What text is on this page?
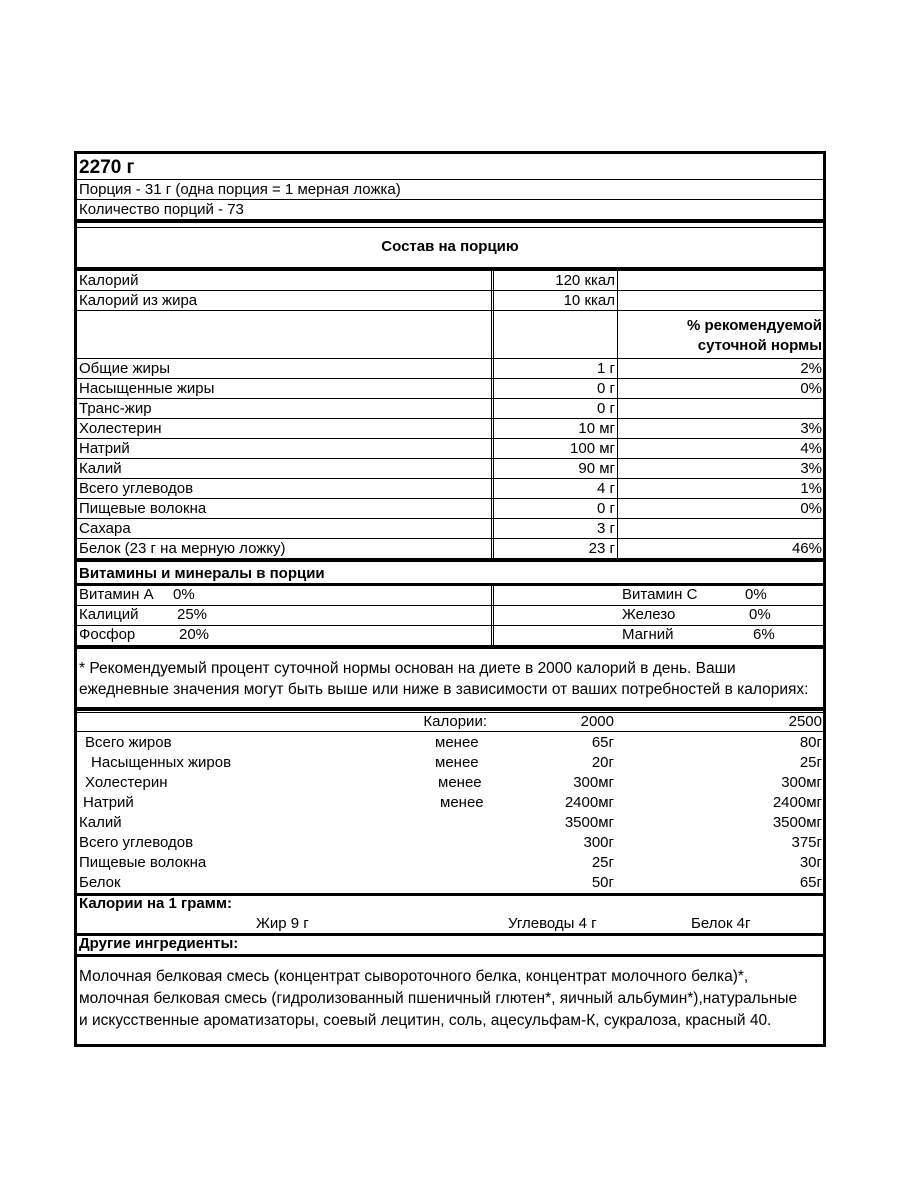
2270 г
Порция - 31 г (одна порция = 1 мерная ложка)
Количество порций - 73
Состав на порцию
Калорий	120 ккал
Калорий из жира	10 ккал
% рекомендуемой
суточной нормы
Общие жиры	1 г	2%
Насыщенные жиры	0 г	0%
Транс-жир	0 г
Холестерин	10 мг	3%
Натрий	100 мг	4%
Калий	90 мг	3%
Всего углеводов	4 г	1%
Пищевые волокна	0 г	0%
Сахара	3 г
Белок (23 г на мерную ложку)	23 г	46%
Витамины и минералы в порции
Витамин А 0%	Витамин С	0%
Калиций	25%	Железо	0%
Фосфор	20%	Магний	6%
* Рекомендуемый процент суточной нормы основан на диете в 2000 калорий в день. Ваши
ежедневные значения могут быть выше или ниже в зависимости от ваших потребностей в калориях:
Калории:	2000	2500
Всего жиров	менее	65г	80г
Насыщенных жиров	менее	20г	25г
Холестерин	менее	300мг	300мг
Натрий	менее	2400мг	2400мг
Калий	3500мг	3500мг
Всего углеводов	300г	375г
Пищевые волокна	25г	30г
Белок	50г	65г
Калории на 1 грамм:
Жир 9 г	Углеводы 4 г	Белок 4г
Другие ингредиенты:
Молочная белковая смесь (концентрат сывороточного белка, концентрат молочного белка)*,
молочная белковая смесь (гидролизованный пшеничный глютен*, яичный альбумин*),натуральные
и искусственные ароматизаторы, соевый лецитин, соль, ацесульфам-К, сукралоза, красный 40.
